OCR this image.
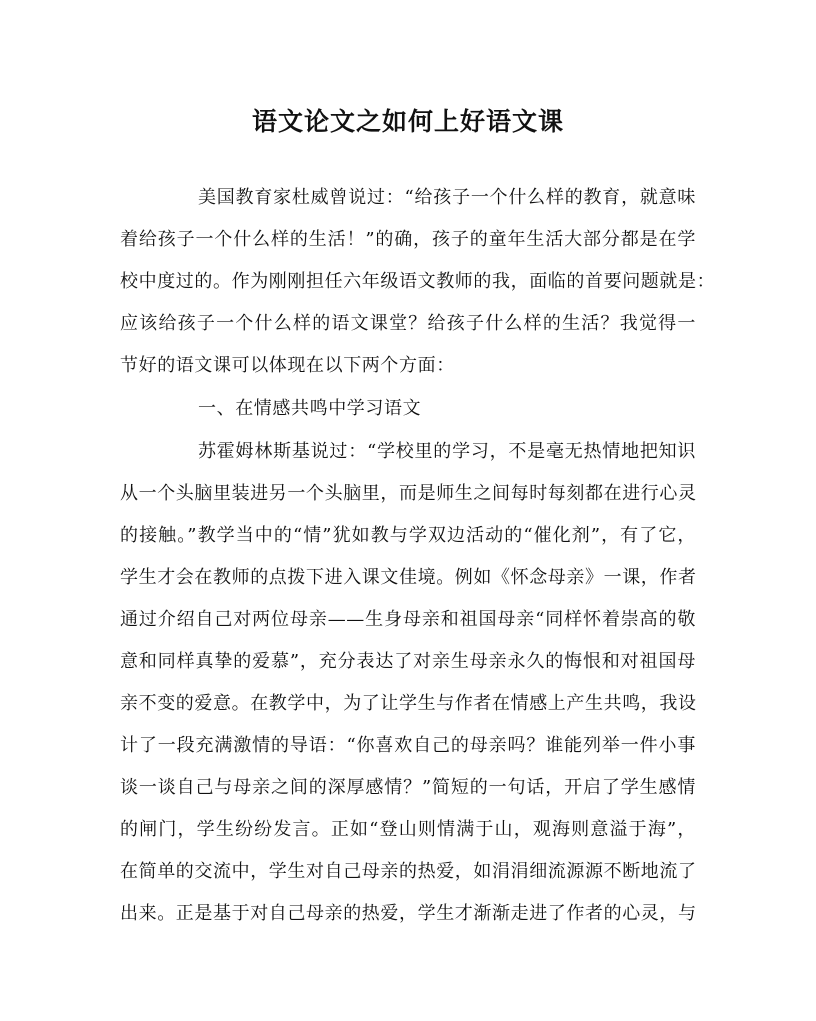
语文论文之如何上好语文课
美国教育家杜威曾说过：“给孩子一个什么样的教育，就意味
着给孩子一个什么样的生活！”的确，孩子的童年生活大部分都是在学
校中度过的。作为刚刚担任六年级语文教师的我，面临的首要问题就是：
应该给孩子一个什么样的语文课堂？给孩子什么样的生活？我觉得一
节好的语文课可以体现在以下两个方面：
一、在情感共鸣中学习语文
苏霍姆林斯基说过：“学校里的学习，不是毫无热情地把知识
从一个头脑里装进另一个头脑里，而是师生之间每时每刻都在进行心灵
的接触。”教学当中的“情”犹如教与学双边活动的“催化剂”，有了它，
学生才会在教师的点拨下进入课文佳境。例如《怀念母亲》一课，作者
通过介绍自己对两位母亲——生身母亲和祖国母亲“同样怀着崇高的敬
意和同样真挚的爱慕”，充分表达了对亲生母亲永久的悔恨和对祖国母
亲不变的爱意。在教学中，为了让学生与作者在情感上产生共鸣，我设
计了一段充满激情的导语：“你喜欢自己的母亲吗？谁能列举一件小事
谈一谈自己与母亲之间的深厚感情？”简短的一句话，开启了学生感情
的闸门，学生纷纷发言。正如“登山则情满于山，观海则意溢于海”，
在简单的交流中，学生对自己母亲的热爱，如涓涓细流源源不断地流了
出来。正是基于对自己母亲的热爱，学生才渐渐走进了作者的心灵，与
